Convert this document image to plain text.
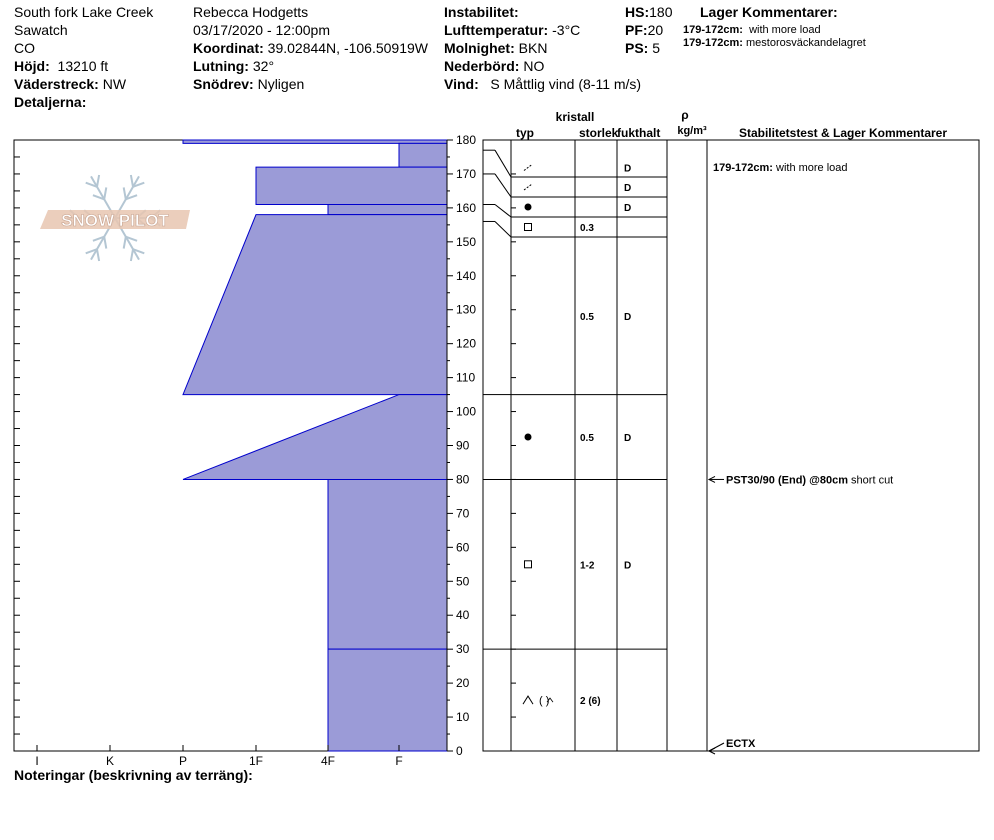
South fork Lake Creek
Sawatch
CO
Höjd: 13210 ft
Väderstreck: NW
Detaljerna:
Rebecca Hodgetts
03/17/2020 - 12:00pm
Koordinat: 39.02844N, -106.50919W
Lutning: 32°
Snödrev: Nyligen
Instabilitet:
Lufttemperatur: -3°C
Molnighet: BKN
Nederbörd: NO
Vind: S Måttlig vind (8-11 m/s)
HS:180
PF:20
PS: 5
Lager Kommentarer:
179-172cm: with more load
179-172cm: mestorosväckandelagret
Noteringar (beskrivning av terräng):
SNOW PILOT
0
10
20
30
40
50
60
70
80
90
100
110
120
130
140
150
160
170
180
I	K	P	1F	4F	F
D
D
D
0.3
0.5	D
0.5	D
1-2	D
( )	2 (6)
kristall
typ	storlek
fukthalt
ρ
kg/m³	Stabilitetstest & Lager Kommentarer
179-172cm: with more load
PST30/90 (End) @80cm short cut
ECTX
